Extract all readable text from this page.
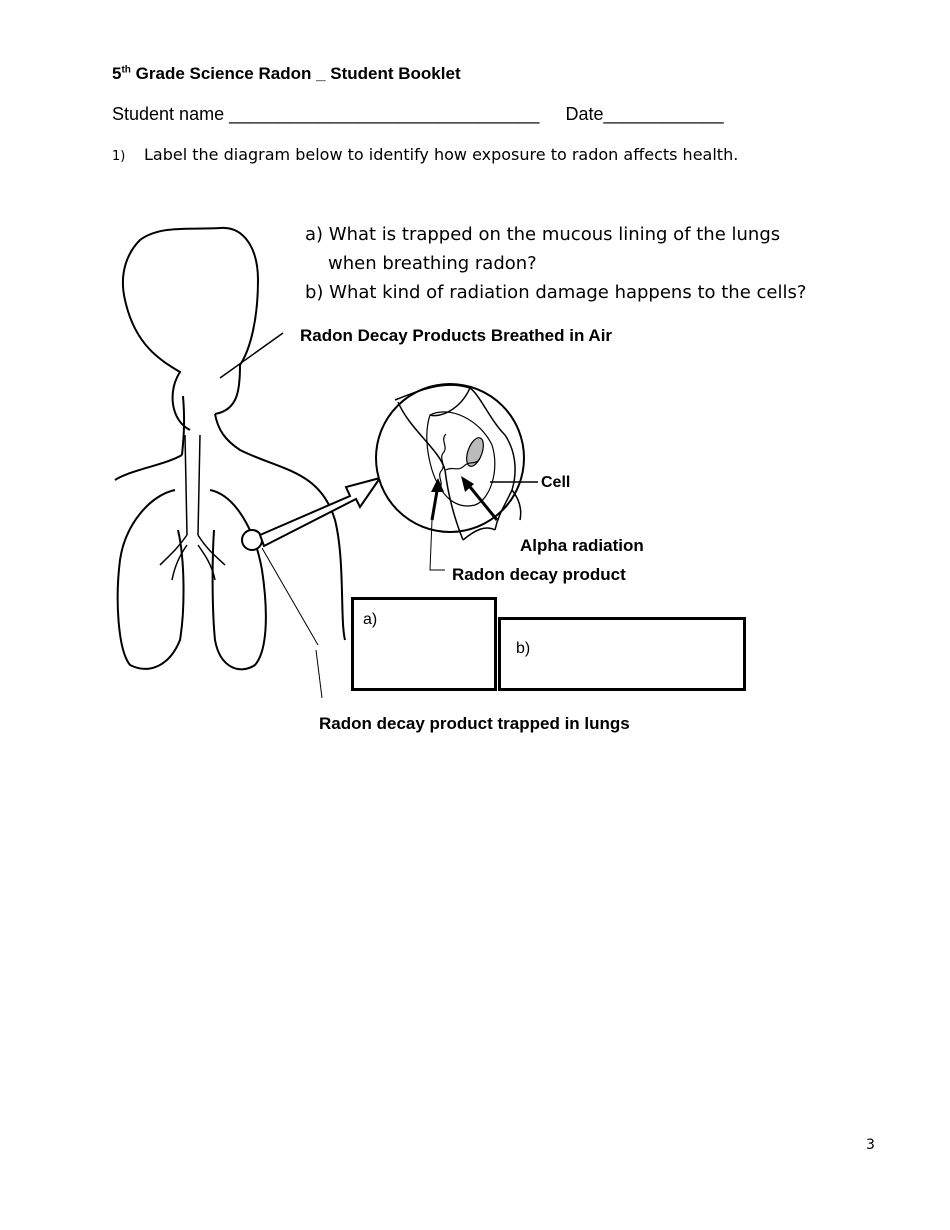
5th Grade Science Radon _ Student Booklet
Student name _______________________________ Date____________
1) Label the diagram below to identify how exposure to radon affects health.
a) What is trapped on the mucous lining of the lungs
when breathing radon?
b) What kind of radiation damage happens to the cells?
Radon Decay Products Breathed in Air
Cell
Alpha radiation
Radon decay product
Radon decay product trapped in lungs
a)
b)
3
